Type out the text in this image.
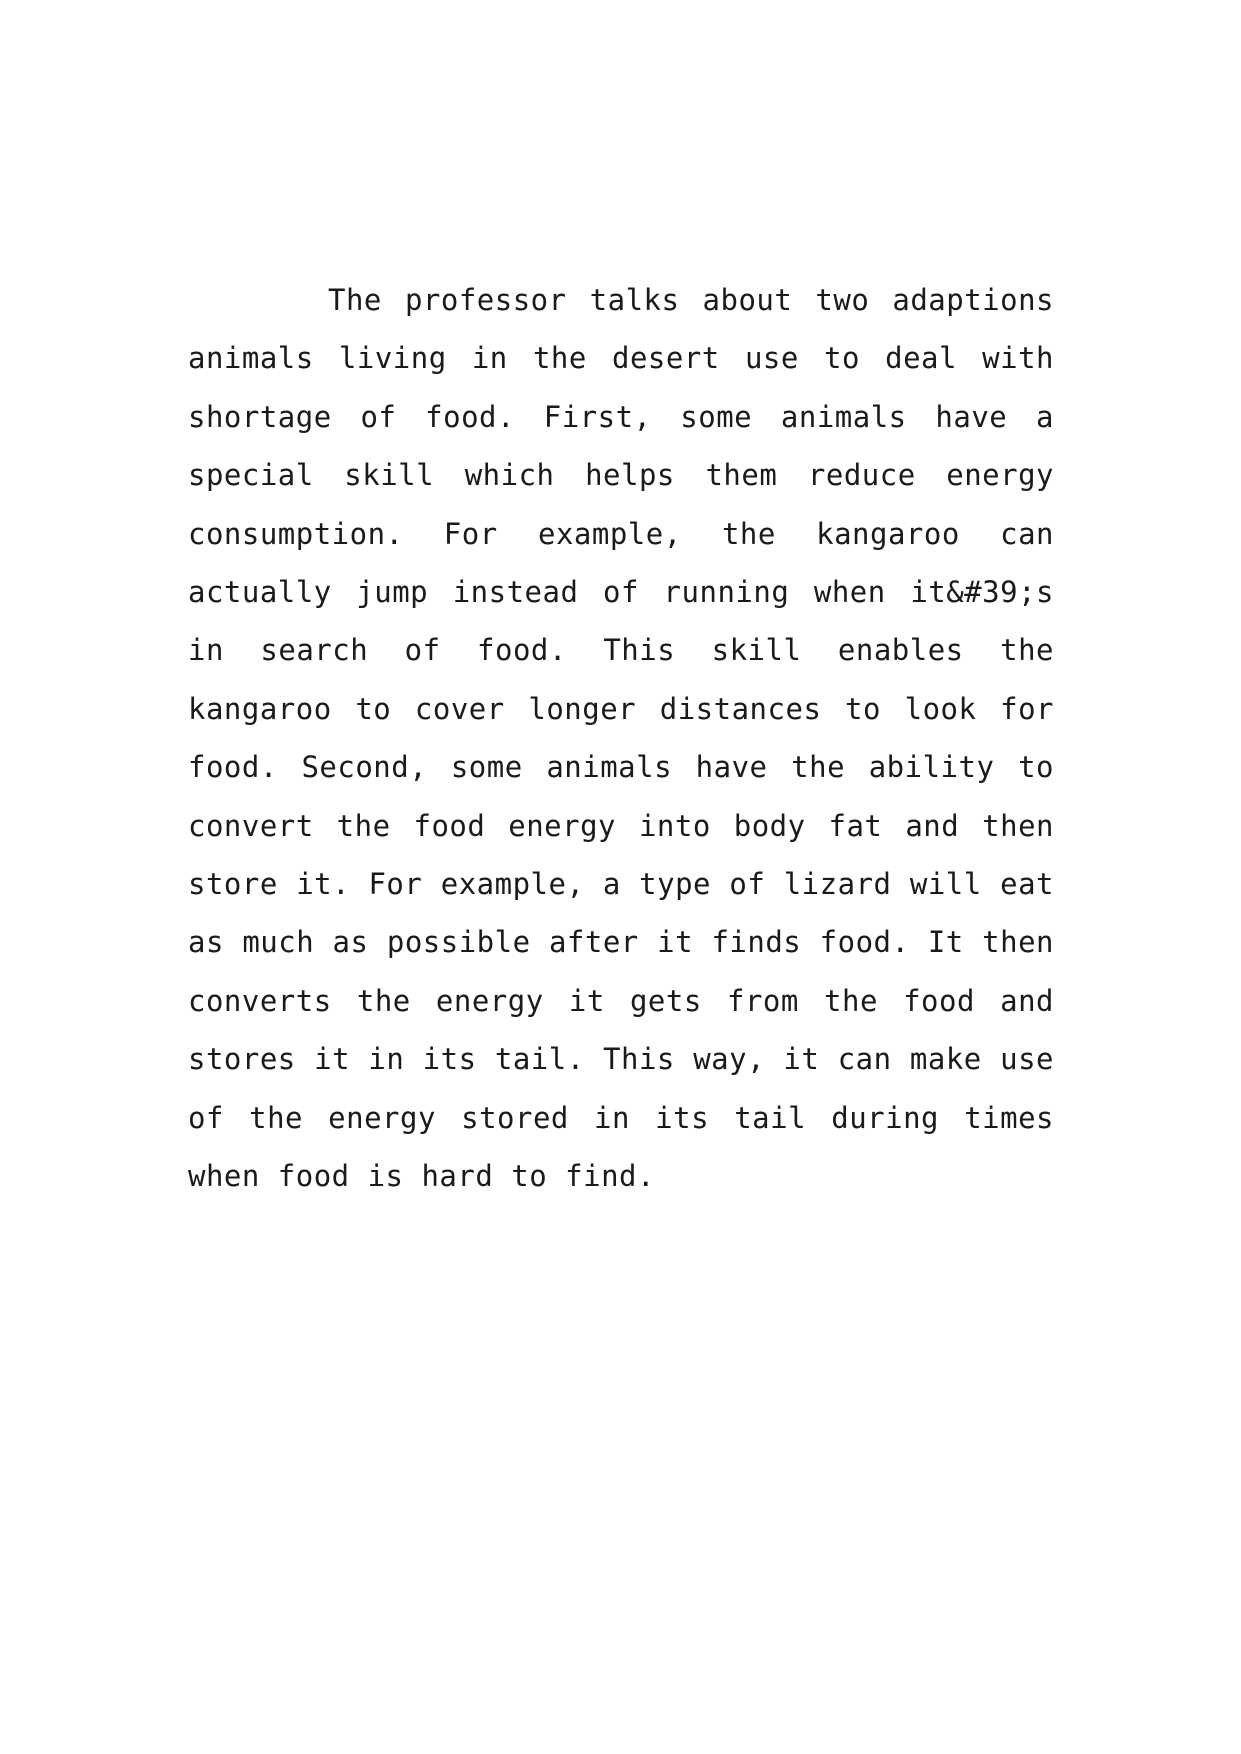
The professor talks about two adaptions animals living in the desert use to deal with shortage of food. First, some animals have a special skill which helps them reduce energy consumption. For example, the kangaroo can actually jump instead of running when it&#39;s in search of food. This skill enables the kangaroo to cover longer distances to look for food. Second, some animals have the ability to convert the food energy into body fat and then store it. For example, a type of lizard will eat as much as possible after it finds food. It then converts the energy it gets from the food and stores it in its tail. This way, it can make use of the energy stored in its tail during times when food is hard to find.
